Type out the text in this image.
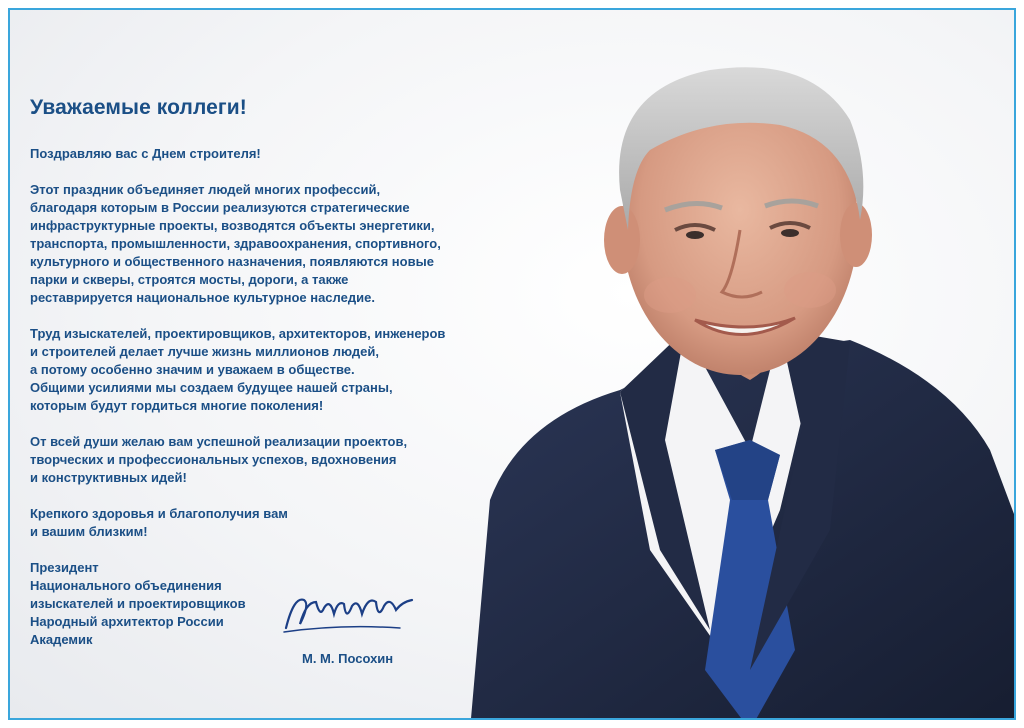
Уважаемые коллеги!
Поздравляю вас с Днем строителя!
Этот праздник объединяет людей многих профессий,
благодаря которым в России реализуются стратегические
инфраструктурные проекты, возводятся объекты энергетики,
транспорта, промышленности, здравоохранения, спортивного,
культурного и общественного назначения, появляются новые
парки и скверы, строятся мосты, дороги, а также
реставрируется национальное культурное наследие.
Труд изыскателей, проектировщиков, архитекторов, инженеров
и строителей делает лучше жизнь миллионов людей,
а потому особенно значим и уважаем в обществе.
Общими усилиями мы создаем будущее нашей страны,
которым будут гордиться многие поколения!
От всей души желаю вам успешной реализации проектов,
творческих и профессиональных успехов, вдохновения
и конструктивных идей!
Крепкого здоровья и благополучия вам
и вашим близким!
Президент
Национального объединения
изыскателей и проектировщиков
Народный архитектор России
Академик
М. М. Посохин
